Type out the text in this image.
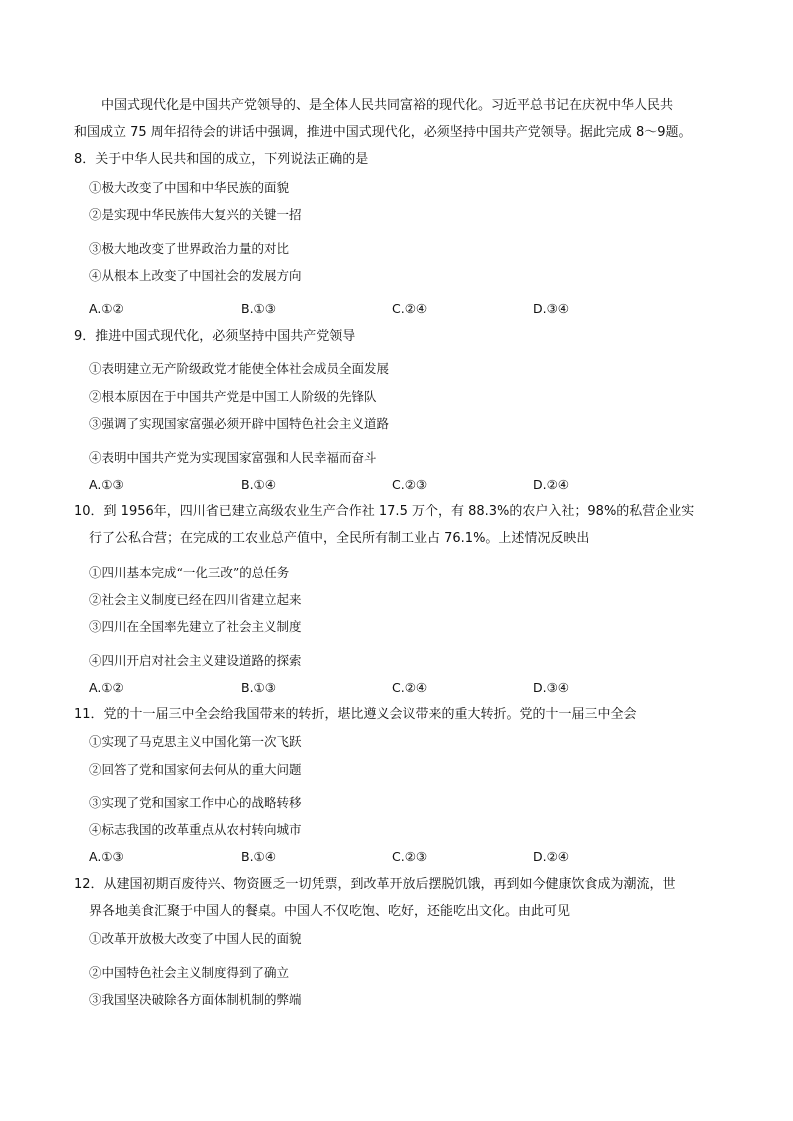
中国式现代化是中国共产党领导的、是全体人民共同富裕的现代化。习近平总书记在庆祝中华人民共
和国成立 75 周年招待会的讲话中强调，推进中国式现代化，必须坚持中国共产党领导。据此完成 8～9题。
8．关于中华人民共和国的成立，下列说法正确的是
①极大改变了中国和中华民族的面貌
②是实现中华民族伟大复兴的关键一招
③极大地改变了世界政治力量的对比
④从根本上改变了中国社会的发展方向
A.①②	B.①③	C.②④	D.③④
9．推进中国式现代化，必须坚持中国共产党领导
①表明建立无产阶级政党才能使全体社会成员全面发展
②根本原因在于中国共产党是中国工人阶级的先锋队
③强调了实现国家富强必须开辟中国特色社会主义道路
④表明中国共产党为实现国家富强和人民幸福而奋斗
A.①③	B.①④	C.②③	D.②④
10．到 1956年，四川省已建立高级农业生产合作社 17.5 万个，有 88.3%的农户入社；98%的私营企业实
行了公私合营；在完成的工农业总产值中，全民所有制工业占 76.1%。上述情况反映出
①四川基本完成“一化三改”的总任务
②社会主义制度已经在四川省建立起来
③四川在全国率先建立了社会主义制度
④四川开启对社会主义建设道路的探索
A.①②	B.①③	C.②④	D.③④
11．党的十一届三中全会给我国带来的转折，堪比遵义会议带来的重大转折。党的十一届三中全会
①实现了马克思主义中国化第一次飞跃
②回答了党和国家何去何从的重大问题
③实现了党和国家工作中心的战略转移
④标志我国的改革重点从农村转向城市
A.①③	B.①④	C.②③	D.②④
12．从建国初期百废待兴、物资匮乏一切凭票，到改革开放后摆脱饥饿，再到如今健康饮食成为潮流，世
界各地美食汇聚于中国人的餐桌。中国人不仅吃饱、吃好，还能吃出文化。由此可见
①改革开放极大改变了中国人民的面貌
②中国特色社会主义制度得到了确立
③我国坚决破除各方面体制机制的弊端
